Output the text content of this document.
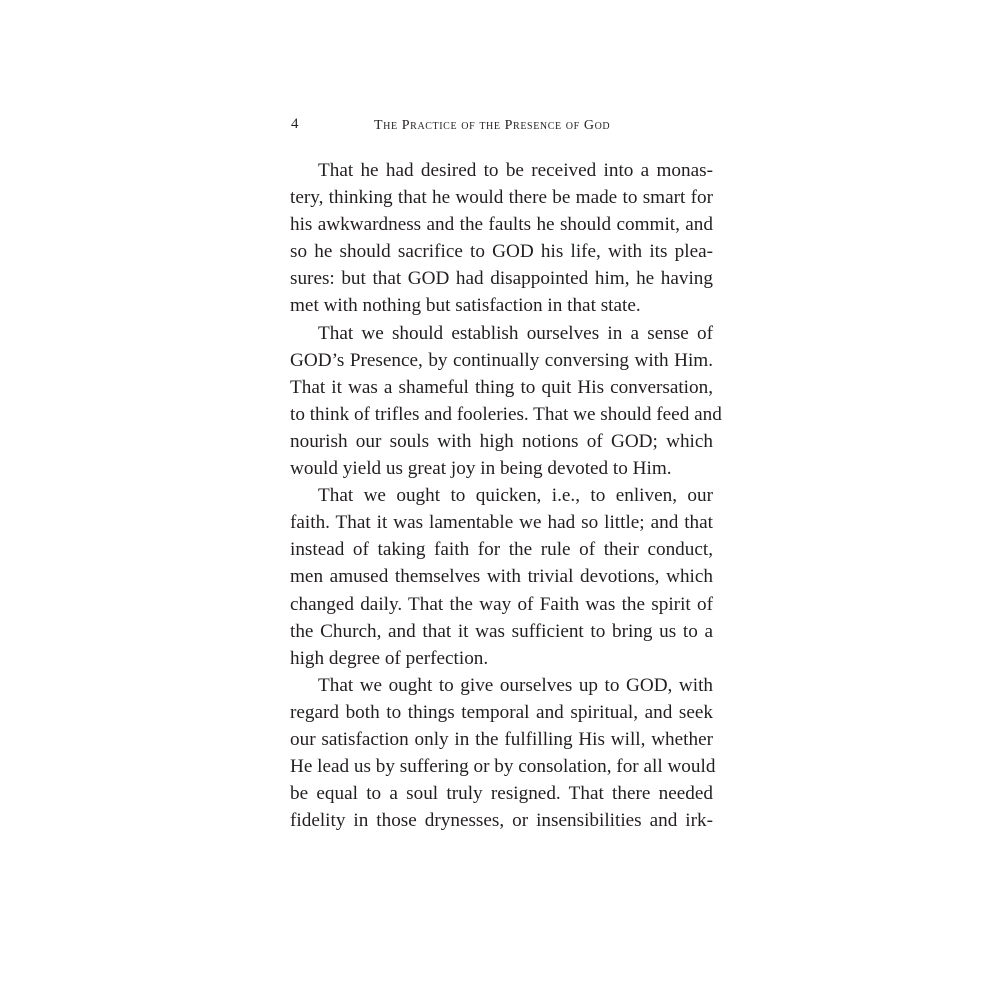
4	The Practice of the Presence of God
That he had desired to be received into a monas-
tery, thinking that he would there be made to smart for
his awkwardness and the faults he should commit, and
so he should sacrifice to GOD his life, with its plea-
sures: but that GOD had disappointed him, he having
met with nothing but satisfaction in that state.
That we should establish ourselves in a sense of
GOD’s Presence, by continually conversing with Him.
That it was a shameful thing to quit His conversation,
to think of trifles and fooleries. That we should feed and
nourish our souls with high notions of GOD; which
would yield us great joy in being devoted to Him.
That we ought to quicken, i.e., to enliven, our
faith. That it was lamentable we had so little; and that
instead of taking faith for the rule of their conduct,
men amused themselves with trivial devotions, which
changed daily. That the way of Faith was the spirit of
the Church, and that it was sufficient to bring us to a
high degree of perfection.
That we ought to give ourselves up to GOD, with
regard both to things temporal and spiritual, and seek
our satisfaction only in the fulfilling His will, whether
He lead us by suffering or by consolation, for all would
be equal to a soul truly resigned. That there needed
fidelity in those drynesses, or insensibilities and irk-
